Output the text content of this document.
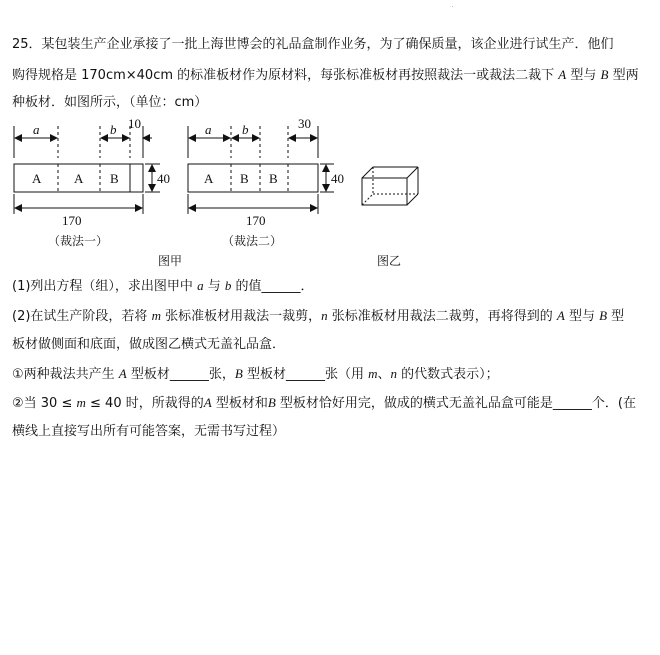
25．某包装生产企业承接了一批上海世博会的礼品盒制作业务，为了确保质量，该企业进行试生产．他们
购得规格是 170cm×40cm 的标准板材作为原材料，每张标准板材再按照裁法一或裁法二裁下 A 型与 B 型两
种板材．如图所示，（单位：cm）
a	b 10
A	A B	40
170
（裁法一）
a b	30
A B B	40
170
（裁法二）
图甲	图乙
(1)列出方程（组），求出图甲中 a 与 b 的值______．
(2)在试生产阶段，若将 m 张标准板材用裁法一裁剪，n 张标准板材用裁法二裁剪，再将得到的 A 型与 B 型
板材做侧面和底面，做成图乙横式无盖礼品盒．
①两种裁法共产生 A 型板材______张，B 型板材______张（用 m、n 的代数式表示）；
②当 30 ≤ m ≤ 40 时，所裁得的A 型板材和B 型板材恰好用完，做成的横式无盖礼品盒可能是______个．(在
横线上直接写出所有可能答案，无需书写过程）
